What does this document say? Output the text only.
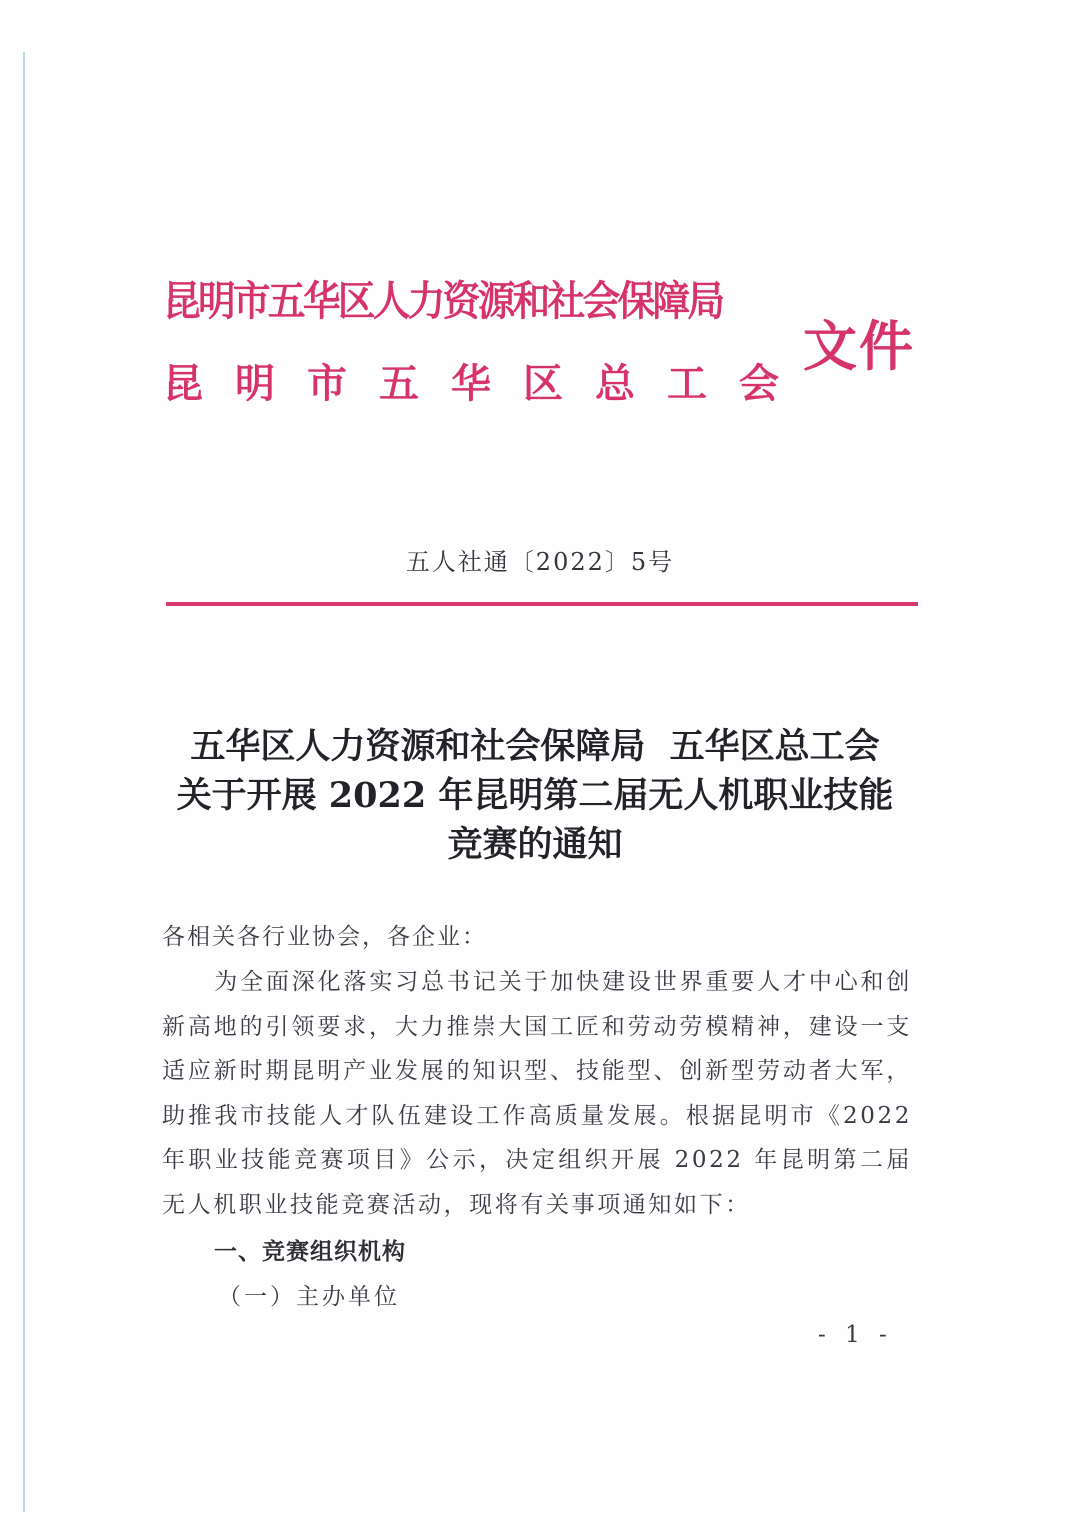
昆明市五华区人力资源和社会保障局
昆明市五华区总工会
文件
五人社通〔2022〕5号
五华区人力资源和社会保障局  五华区总工会
关于开展 2022 年昆明第二届无人机职业技能
竞赛的通知
各相关各行业协会，各企业：
为全面深化落实习总书记关于加快建设世界重要人才中心和创新高地的引领要求，大力推崇大国工匠和劳动劳模精神，建设一支适应新时期昆明产业发展的知识型、技能型、创新型劳动者大军，助推我市技能人才队伍建设工作高质量发展。根据昆明市《2022 年职业技能竞赛项目》公示，决定组织开展 2022 年昆明第二届无人机职业技能竞赛活动，现将有关事项通知如下：
一、竞赛组织机构
（一）主办单位
- 1 -
